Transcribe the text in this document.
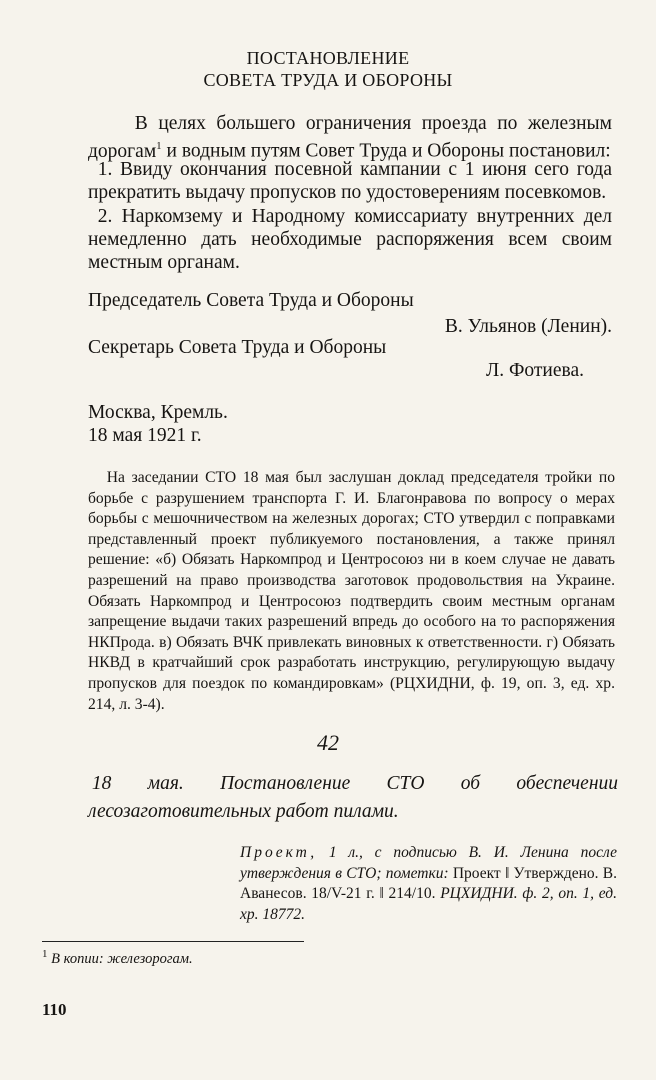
ПОСТАНОВЛЕНИЕ
СОВЕТА ТРУДА И ОБОРОНЫ
В целях большего ограничения проезда по железным дорогам$^1$ и водным путям Совет Труда и Обороны постановил:
1. Ввиду окончания посевной кампании с 1 июня сего года прекратить выдачу пропусков по удостоверениям посевкомов.
2. Наркомзему и Народному комиссариату внутренних дел немедленно дать необходимые распоряжения всем своим местным органам.
Председатель Совета Труда и Обороны
В. Ульянов (Ленин).
Секретарь Совета Труда и Обороны
Л. Фотиева.
Москва, Кремль.
18 мая 1921 г.
На заседании СТО 18 мая был заслушан доклад председателя тройки по борьбе с разрушением транспорта Г. И. Благонравова по вопросу о мерах борьбы с мешочничеством на железных дорогах; СТО утвердил с поправками представленный проект публикуемого постановления, а также принял решение: «б) Обязать Наркомпрод и Центросоюз ни в коем случае не давать разрешений на право производства заготовок продовольствия на Украине. Обязать Наркомпрод и Центросоюз подтвердить своим местным органам запрещение выдачи таких разрешений впредь до особого на то распоряжения НКПрода. в) Обязать ВЧК привлекать виновных к ответственности. г) Обязать НКВД в кратчайший срок разработать инструкцию, регулирующую выдачу пропусков для поездок по командировкам» (РЦХИДНИ, ф. 19, оп. 3, ед. хр. 214, л. 3-4).
42
18 мая. Постановление СТО об обеспечении лесозаготовительных работ пилами.
Проект, 1 л., с подписью В. И. Ленина после утверждения в СТО; пометки: Проект ‖ Утверждено. В. Аванесов. 18/V-21 г. ‖ 214/10. РЦХИДНИ. ф. 2, оп. 1, ед. хр. 18772.
$^1$ В копии: железорогам.
110
